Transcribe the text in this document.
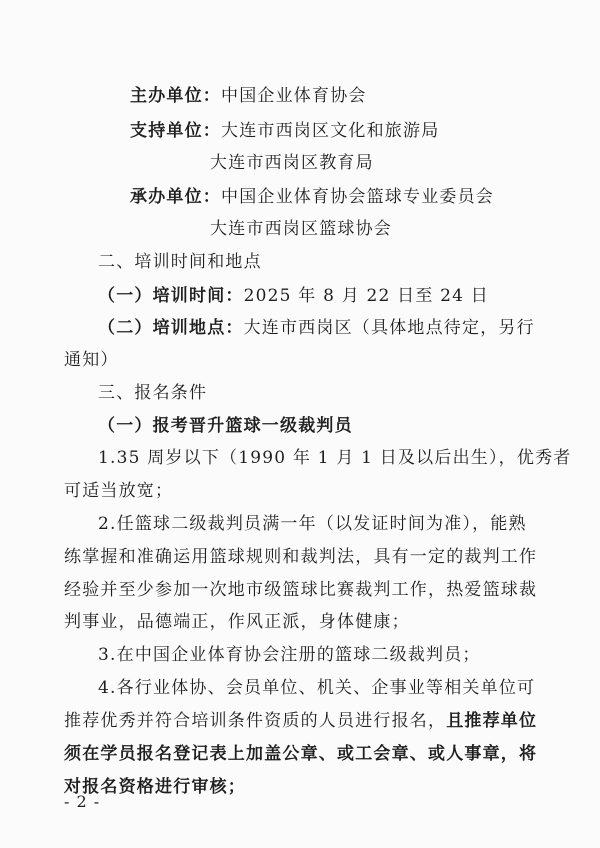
主办单位：中国企业体育协会
支持单位：大连市西岗区文化和旅游局
大连市西岗区教育局
承办单位：中国企业体育协会篮球专业委员会
大连市西岗区篮球协会
二、培训时间和地点
（一）培训时间：2025 年 8 月 22 日至 24 日
（二）培训地点：大连市西岗区（具体地点待定，另行
通知）
三、报名条件
（一）报考晋升篮球一级裁判员
1.35 周岁以下（1990 年 1 月 1 日及以后出生），优秀者
可适当放宽；
2.任篮球二级裁判员满一年（以发证时间为准），能熟
练掌握和准确运用篮球规则和裁判法，具有一定的裁判工作
经验并至少参加一次地市级篮球比赛裁判工作，热爱篮球裁
判事业，品德端正，作风正派，身体健康；
3.在中国企业体育协会注册的篮球二级裁判员；
4.各行业体协、会员单位、机关、企事业等相关单位可
推荐优秀并符合培训条件资质的人员进行报名，且推荐单位
须在学员报名登记表上加盖公章、或工会章、或人事章，将
对报名资格进行审核；
- 2 -
